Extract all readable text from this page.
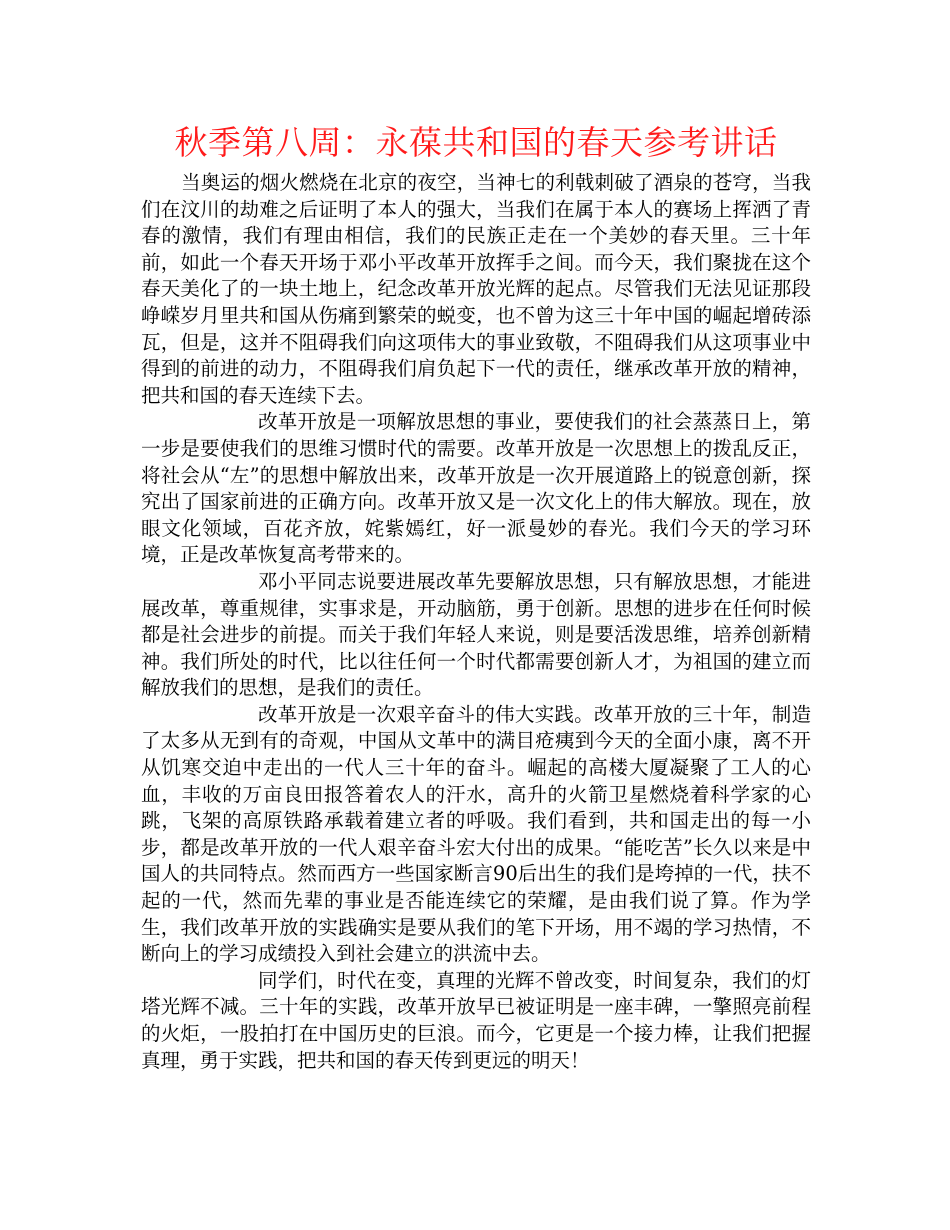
秋季第八周：永葆共和国的春天参考讲话

当奥运的烟火燃烧在北京的夜空，当神七的利戟刺破了酒泉的苍穹，当我们在汶川的劫难之后证明了本人的强大，当我们在属于本人的赛场上挥洒了青春的激情，我们有理由相信，我们的民族正走在一个美妙的春天里。三十年前，如此一个春天开场于邓小平改革开放挥手之间。而今天，我们聚拢在这个春天美化了的一块土地上，纪念改革开放光辉的起点。尽管我们无法见证那段峥嵘岁月里共和国从伤痛到繁荣的蜕变，也不曾为这三十年中国的崛起增砖添瓦，但是，这并不阻碍我们向这项伟大的事业致敬，不阻碍我们从这项事业中得到的前进的动力，不阻碍我们肩负起下一代的责任，继承改革开放的精神，把共和国的春天连续下去。

改革开放是一项解放思想的事业，要使我们的社会蒸蒸日上，第一步是要使我们的思维习惯时代的需要。改革开放是一次思想上的拨乱反正，将社会从“左”的思想中解放出来，改革开放是一次开展道路上的锐意创新，探究出了国家前进的正确方向。改革开放又是一次文化上的伟大解放。现在，放眼文化领域，百花齐放，姹紫嫣红，好一派曼妙的春光。我们今天的学习环境，正是改革恢复高考带来的。

邓小平同志说要进展改革先要解放思想，只有解放思想，才能进展改革，尊重规律，实事求是，开动脑筋，勇于创新。思想的进步在任何时候都是社会进步的前提。而关于我们年轻人来说，则是要活泼思维，培养创新精神。我们所处的时代，比以往任何一个时代都需要创新人才，为祖国的建立而解放我们的思想，是我们的责任。

改革开放是一次艰辛奋斗的伟大实践。改革开放的三十年，制造了太多从无到有的奇观，中国从文革中的满目疮痍到今天的全面小康，离不开从饥寒交迫中走出的一代人三十年的奋斗。崛起的高楼大厦凝聚了工人的心血，丰收的万亩良田报答着农人的汗水，高升的火箭卫星燃烧着科学家的心跳，飞架的高原铁路承载着建立者的呼吸。我们看到，共和国走出的每一小步，都是改革开放的一代人艰辛奋斗宏大付出的成果。“能吃苦”长久以来是中国人的共同特点。然而西方一些国家断言90后出生的我们是垮掉的一代，扶不起的一代，然而先辈的事业是否能连续它的荣耀，是由我们说了算。作为学生，我们改革开放的实践确实是要从我们的笔下开场，用不竭的学习热情，不断向上的学习成绩投入到社会建立的洪流中去。

同学们，时代在变，真理的光辉不曾改变，时间复杂，我们的灯塔光辉不减。三十年的实践，改革开放早已被证明是一座丰碑，一擎照亮前程的火炬，一股拍打在中国历史的巨浪。而今，它更是一个接力棒，让我们把握真理，勇于实践，把共和国的春天传到更远的明天！
